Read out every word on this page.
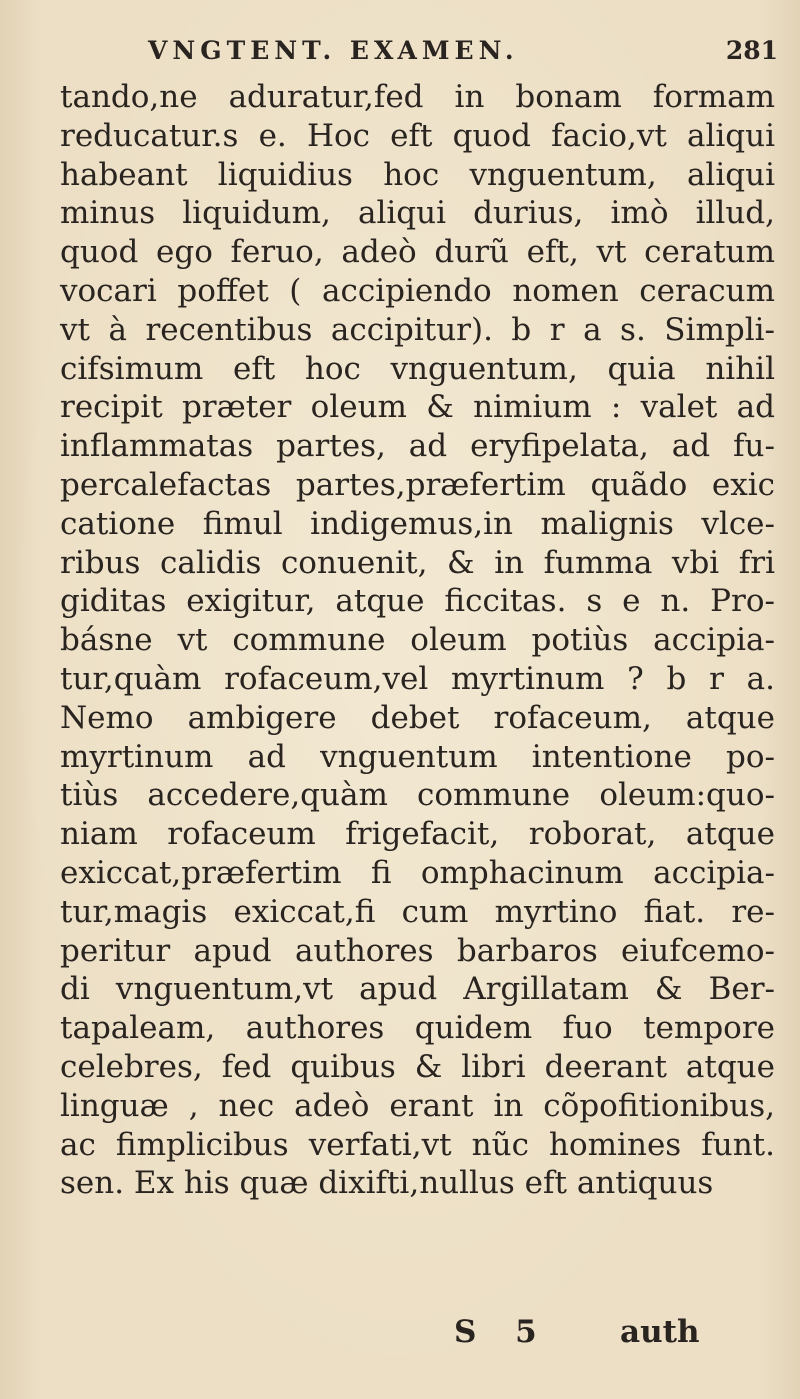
VNGTENT. EXAMEN.	281
tando,ne aduratur,fed in bonam formam
reducatur.s e. Hoc eft quod facio,vt aliqui
habeant liquidius hoc vnguentum, aliqui
minus liquidum, aliqui durius, imò illud,
quod ego feruo, adeò durũ eft, vt ceratum
vocari poffet ( accipiendo nomen ceracum
vt à recentibus accipitur). b r a s. Simpli-
cifsimum eft hoc vnguentum, quia nihil
recipit præter oleum & nimium : valet ad
inflammatas partes, ad eryfipelata, ad fu-
percalefactas partes,præfertim quãdo exic
catione fimul indigemus,in malignis vlce-
ribus calidis conuenit, & in fumma vbi fri
giditas exigitur, atque ficcitas. s e n. Pro-
básne vt commune oleum potiùs accipia-
tur,quàm rofaceum,vel myrtinum ? b r a.
Nemo ambigere debet rofaceum, atque
myrtinum ad vnguentum intentione po-
tiùs accedere,quàm commune oleum:quo-
niam rofaceum frigefacit, roborat, atque
exiccat,præfertim fi omphacinum accipia-
tur,magis exiccat,fi cum myrtino fiat. re-
peritur apud authores barbaros eiufcemo-
di vnguentum,vt apud Argillatam & Ber-
tapaleam, authores quidem fuo tempore
celebres, fed quibus & libri deerant atque
linguæ , nec adeò erant in cõpofitionibus,
ac fimplicibus verfati,vt nũc homines funt.
sen. Ex his quæ dixifti,nullus eft antiquus
S 5 auth
